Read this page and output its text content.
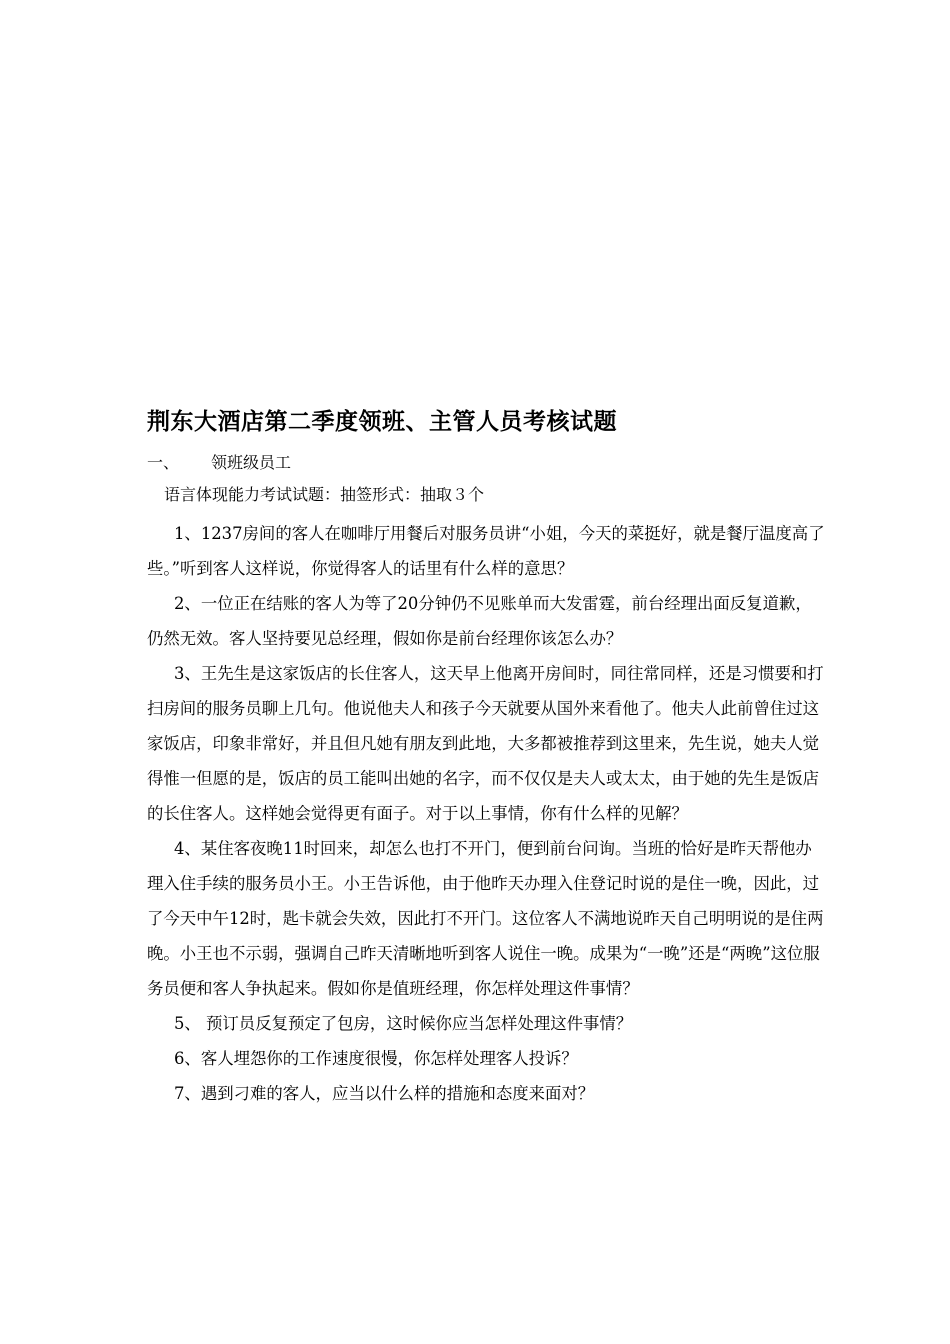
荆东大酒店第二季度领班、主管人员考核试题
一、 领班级员工
语言体现能力考试试题：抽签形式：抽取３个

1、1237房间的客人在咖啡厅用餐后对服务员讲“小姐，今天的菜挺好，就是餐厅温度高了些。”听到客人这样说，你觉得客人的话里有什么样的意思？

2、一位正在结账的客人为等了20分钟仍不见账单而大发雷霆，前台经理出面反复道歉，仍然无效。客人坚持要见总经理，假如你是前台经理你该怎么办？

3、王先生是这家饭店的长住客人，这天早上他离开房间时，同往常同样，还是习惯要和打扫房间的服务员聊上几句。他说他夫人和孩子今天就要从国外来看他了。他夫人此前曾住过这家饭店，印象非常好，并且但凡她有朋友到此地，大多都被推荐到这里来，先生说，她夫人觉得惟一但愿的是，饭店的员工能叫出她的名字，而不仅仅是夫人或太太，由于她的先生是饭店的长住客人。这样她会觉得更有面子。对于以上事情，你有什么样的见解？

4、某住客夜晚11时回来，却怎么也打不开门，便到前台问询。当班的恰好是昨天帮他办理入住手续的服务员小王。小王告诉他，由于他昨天办理入住登记时说的是住一晚，因此，过了今天中午12时，匙卡就会失效，因此打不开门。这位客人不满地说昨天自己明明说的是住两晚。小王也不示弱，强调自己昨天清晰地听到客人说住一晚。成果为“一晚”还是“两晚”这位服务员便和客人争执起来。假如你是值班经理，你怎样处理这件事情？

5、 预订员反复预定了包房，这时候你应当怎样处理这件事情？

6、客人埋怨你的工作速度很慢，你怎样处理客人投诉？

7、遇到刁难的客人，应当以什么样的措施和态度来面对？
